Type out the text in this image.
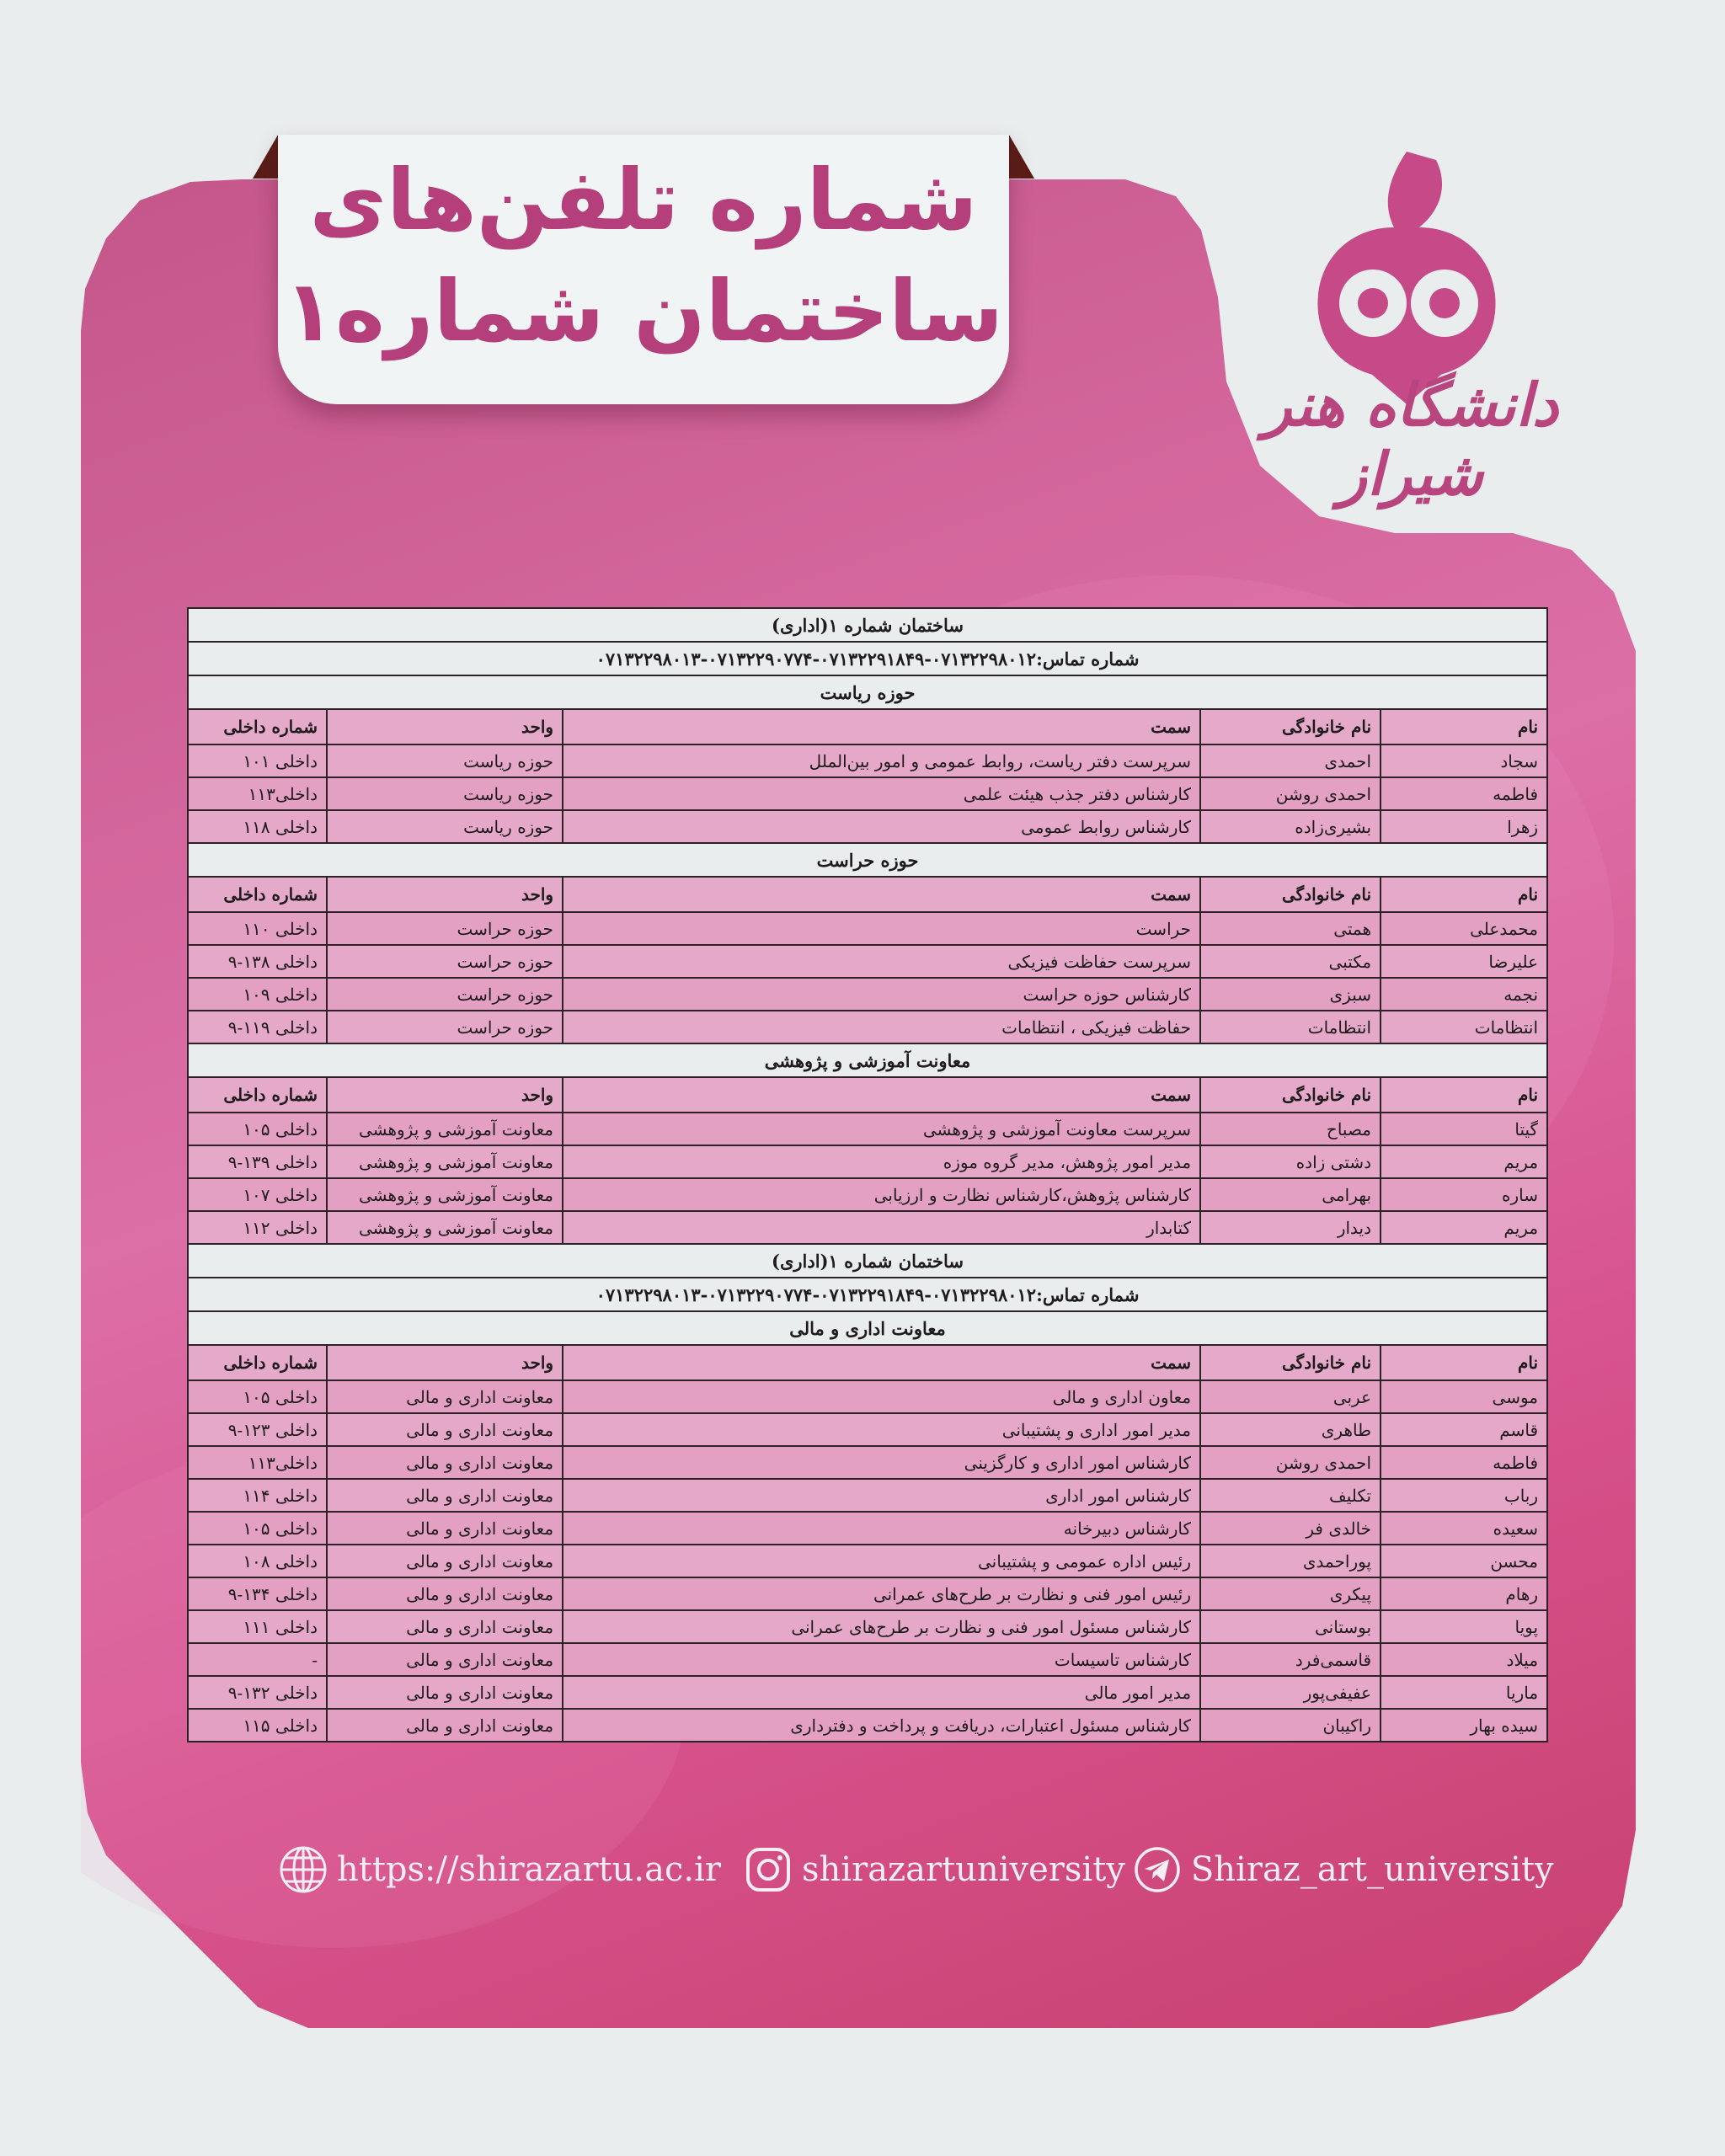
شماره تلفن‌های
ساختمان شماره۱
دانشگاه هنر شیراز
ساختمان شماره ۱(اداری)				
شماره تماس:۰۷۱۳۲۲۹۸۰۱۲-۰۷۱۳۲۲۹۱۸۴۹-۰۷۱۳۲۲۹۰۷۷۴-۰۷۱۳۲۲۹۸۰۱۳				
حوزه ریاست				
نام	نام خانوادگی	سمت	واحد	شماره داخلی
سجاد	احمدی	سرپرست دفتر ریاست، روابط عمومی و امور بین‌الملل	حوزه ریاست	داخلی ۱۰۱
فاطمه	احمدی روشن	کارشناس دفتر جذب هیئت علمی	حوزه ریاست	داخلی۱۱۳
زهرا	بشیری‌زاده	کارشناس روابط عمومی	حوزه ریاست	داخلی ۱۱۸
حوزه حراست				
نام	نام خانوادگی	سمت	واحد	شماره داخلی
محمدعلی	همتی	حراست	حوزه حراست	داخلی ۱۱۰
علیرضا	مکتبی	سرپرست حفاظت فیزیکی	حوزه حراست	داخلی ۱۳۸-۹
نجمه	سبزی	کارشناس حوزه حراست	حوزه حراست	داخلی ۱۰۹
انتظامات	انتظامات	حفاظت فیزیکی ، انتظامات	حوزه حراست	داخلی ۱۱۹-۹
معاونت آموزشی و پژوهشی				
نام	نام خانوادگی	سمت	واحد	شماره داخلی
گیتا	مصباح	سرپرست معاونت آموزشی و پژوهشی	معاونت آموزشی و پژوهشی	داخلی ۱۰۵
مریم	دشتی زاده	مدیر امور پژوهش، مدیر گروه موزه	معاونت آموزشی و پژوهشی	داخلی ۱۳۹-۹
ساره	بهرامی	کارشناس پژوهش،کارشناس نظارت و ارزیابی	معاونت آموزشی و پژوهشی	داخلی ۱۰۷
مریم	دیدار	کتابدار	معاونت آموزشی و پژوهشی	داخلی ۱۱۲
ساختمان شماره ۱(اداری)				
شماره تماس:۰۷۱۳۲۲۹۸۰۱۲-۰۷۱۳۲۲۹۱۸۴۹-۰۷۱۳۲۲۹۰۷۷۴-۰۷۱۳۲۲۹۸۰۱۳				
معاونت اداری و مالی				
نام	نام خانوادگی	سمت	واحد	شماره داخلی
موسی	عربی	معاون اداری و مالی	معاونت اداری و مالی	داخلی ۱۰۵
قاسم	طاهری	مدیر امور اداری و پشتیبانی	معاونت اداری و مالی	داخلی ۱۲۳-۹
فاطمه	احمدی روشن	کارشناس امور اداری و کارگزینی	معاونت اداری و مالی	داخلی۱۱۳
رباب	تکلیف	کارشناس امور اداری	معاونت اداری و مالی	داخلی ۱۱۴
سعیده	خالدی فر	کارشناس دبیرخانه	معاونت اداری و مالی	داخلی ۱۰۵
محسن	پوراحمدی	رئیس اداره عمومی و پشتیبانی	معاونت اداری و مالی	داخلی ۱۰۸
رهام	پیکری	رئیس امور فنی و نظارت بر طرح‌های عمرانی	معاونت اداری و مالی	داخلی ۱۳۴-۹
پویا	بوستانی	کارشناس مسئول امور فنی و نظارت بر طرح‌های عمرانی	معاونت اداری و مالی	داخلی ۱۱۱
میلاد	قاسمی‌فرد	کارشناس تاسیسات	معاونت اداری و مالی	-
ماریا	عفیفی‌پور	مدیر امور مالی	معاونت اداری و مالی	داخلی ۱۳۲-۹
سیده بهار	راکیبان	کارشناس مسئول اعتبارات، دریافت و پرداخت و دفترداری	معاونت اداری و مالی	داخلی ۱۱۵
https://shirazartu.ac.ir shirazartuniversity Shiraz_art_university
